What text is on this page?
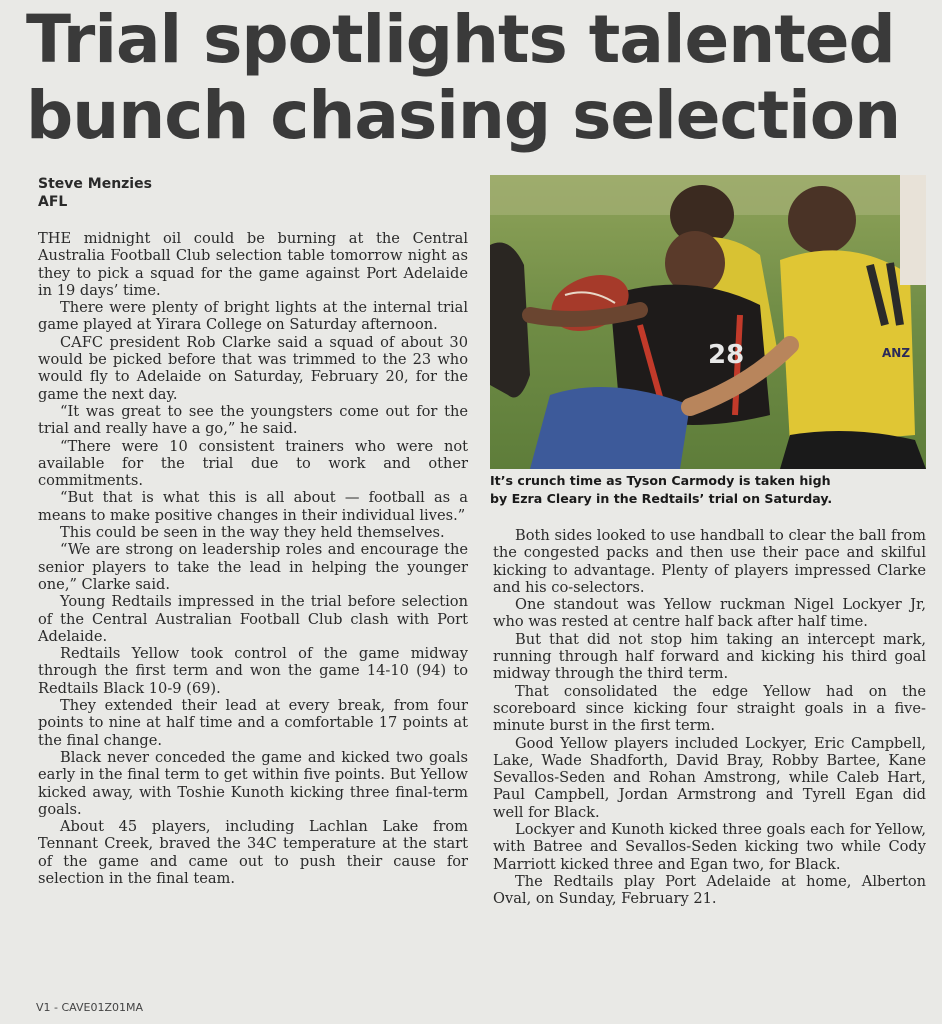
Trial spotlights talented
bunch chasing selection
Steve Menzies
AFL

THE midnight oil could be burning at the Central Australia Football Club selection table tomorrow night as they to pick a squad for the game against Port Adelaide in 19 days’ time.

There were plenty of bright lights at the internal trial game played at Yirara College on Saturday afternoon.

CAFC president Rob Clarke said a squad of about 30 would be picked before that was trimmed to the 23 who would fly to Adelaide on Saturday, February 20, for the game the next day.

“It was great to see the youngsters come out for the trial and really have a go,” he said.

“There were 10 consistent trainers who were not available for the trial due to work and other commitments.

“But that is what this is all about — football as a means to make positive changes in their individual lives.”

This could be seen in the way they held themselves.

“We are strong on leadership roles and encourage the senior players to take the lead in helping the younger one,” Clarke said.

Young Redtails impressed in the trial before selection of the Central Australian Football Club clash with Port Adelaide.

Redtails Yellow took control of the game midway through the first term and won the game 14-10 (94) to Redtails Black 10-9 (69).

They extended their lead at every break, from four points to nine at half time and a comfortable 17 points at the final change.

Black never conceded the game and kicked two goals early in the final term to get within five points. But Yellow kicked away, with Toshie Kunoth kicking three final-term goals.

About 45 players, including Lachlan Lake from Tennant Creek, braved the 34C temperature at the start of the game and came out to push their cause for selection in the final team.

28	ANZ
It’s crunch time as Tyson Carmody is taken high
by Ezra Cleary in the Redtails’ trial on Saturday.

Both sides looked to use handball to clear the ball from the congested packs and then use their pace and skilful kicking to advantage. Plenty of players impressed Clarke and his co-selectors.

One standout was Yellow ruckman Nigel Lockyer Jr, who was rested at centre half back after half time.

But that did not stop him taking an intercept mark, running through half forward and kicking his third goal midway through the third term.

That consolidated the edge Yellow had on the scoreboard since kicking four straight goals in a five-minute burst in the first term.

Good Yellow players included Lockyer, Eric Campbell, Lake, Wade Shadforth, David Bray, Robby Bartee, Kane Sevallos-Seden and Rohan Amstrong, while Caleb Hart, Paul Campbell, Jordan Armstrong and Tyrell Egan did well for Black.

Lockyer and Kunoth kicked three goals each for Yellow, with Batree and Sevallos-Seden kicking two while Cody Marriott kicked three and Egan two, for Black.

The Redtails play Port Adelaide at home, Alberton Oval, on Sunday, February 21.

V1 - CAVE01Z01MA
